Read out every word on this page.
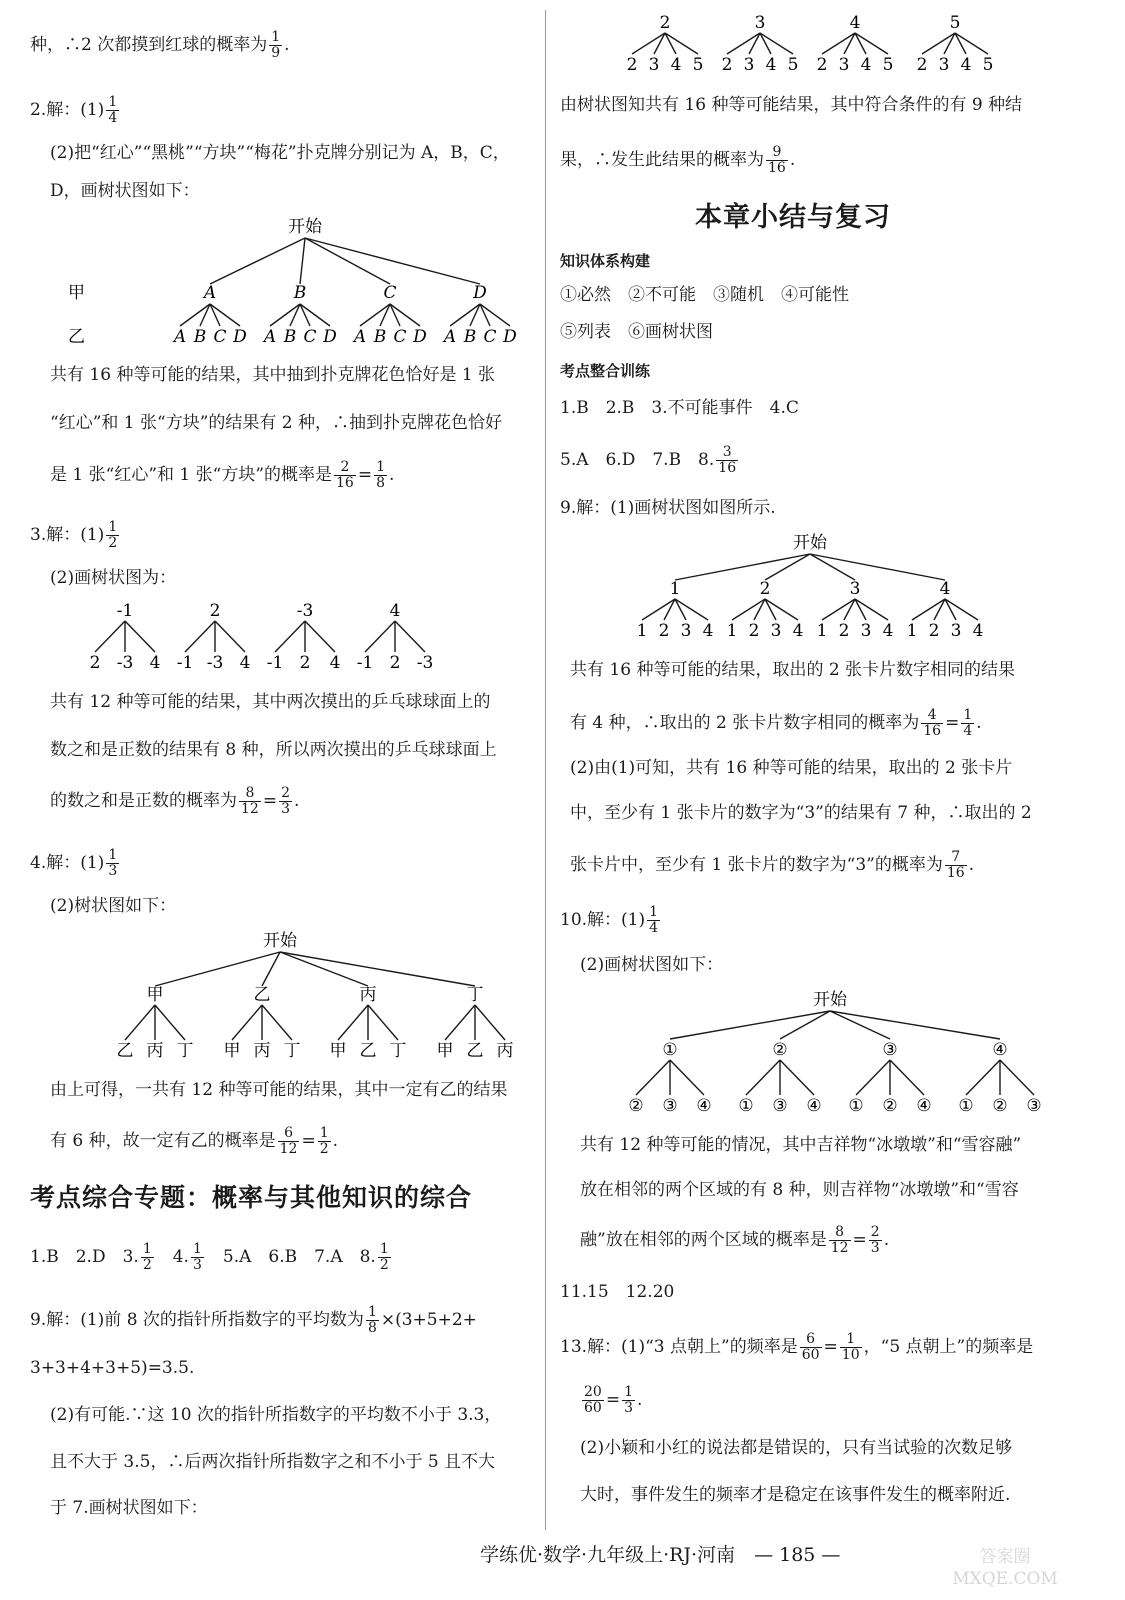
种，∴2 次都摸到红球的概率为 $\frac{1}{9}$ .
2.解：$(1) \frac{1}{4}$
(2)把“红心”“黑桃”“方块”“梅花”扑克牌分别记为 A，B，C，
D，画树状图如下：
开始
甲
乙
A	B	C	D
A B C D A B C D A B C D A B C D
共有 16 种等可能的结果，其中抽到扑克牌花色恰好是 1 张
“红心”和 1 张“方块”的结果有 2 种，∴抽到扑克牌花色恰好
是 1 张“红心”和 1 张“方块”的概率是 $\frac{2}{16} = \frac{1}{8}$ .
3.解：$(1) \frac{1}{2}$
(2)画树状图为：
-1
2 -3 4
2
-1 -3 4
-3
-1 2 4
4
-1 2 -3
共有 12 种等可能的结果，其中两次摸出的乒乓球球面上的
数之和是正数的结果有 8 种，所以两次摸出的乒乓球球面上
的数之和是正数的概率为 $\frac{8}{12} = \frac{2}{3}$ .
4.解：$(1) \frac{1}{3}$
(2)树状图如下：
开始
甲
乙 丙 丁
乙
甲 丙 丁
丙
甲 乙 丁
丁
甲 乙 丙
由上可得，一共有 12 种等可能的结果，其中一定有乙的结果
有 6 种，故一定有乙的概率是 $\frac{6}{12} = \frac{1}{2}$ .
考点综合专题：概率与其他知识的综合
1.B　 2.D　 3. $\frac{1}{2}$
　 4. $\frac{1}{3}$
　 5.A　 6.B　 7.A　 8. $\frac{1}{2}$
9.解：(1)前 8 次的指针所指数字的平均数为 $\frac{1}{8} \times(3+5+2+$
3+3+4+3+5)=3.5.
(2)有可能.∵这 10 次的指针所指数字的平均数不小于 3.3，
且不大于 3.5，∴后两次指针所指数字之和不小于 5 且不大
于 7.画树状图如下：
2
2 3 4 5
3
2 3 4 5
4
2 3 4 5
5
2 3 4 5
由树状图知共有 16 种等可能结果，其中符合条件的有 9 种结
果，∴发生此结果的概率为 $\frac{9}{16}$ .
本章小结与复习
知识体系构建
①必然　②不可能　③随机　④可能性
⑤列表　⑥画树状图
考点整合训练
1.B　2.B　3.不可能事件　4.C
5.A　6.D　7.B　8. $\frac{3}{16}$
9.解：(1)画树状图如图所示.
开始
1
1 2 3 4
2
1 2 3 4
3
1 2 3 4
4
1 2 3 4
共有 16 种等可能的结果，取出的 2 张卡片数字相同的结果
有 4 种，∴取出的 2 张卡片数字相同的概率为 $\frac{4}{16} = \frac{1}{4}$ .
(2)由(1)可知，共有 16 种等可能的结果，取出的 2 张卡片
中，至少有 1 张卡片的数字为“3”的结果有 7 种，∴取出的 2
张卡片中，至少有 1 张卡片的数字为“3”的概率为 $\frac{7}{16}$ .
10.解：$(1) \frac{1}{4}$
(2)画树状图如下：
开始
①
② ③ ④
②
① ③ ④
③
① ② ④
④
① ② ③
共有 12 种等可能的情况，其中吉祥物“冰墩墩”和“雪容融”
放在相邻的两个区域的有 8 种，则吉祥物“冰墩墩”和“雪容
融”放在相邻的两个区域的概率是 $\frac{8}{12} = \frac{2}{3}$ .
11.15　12.20
13.解：(1)“3 点朝上”的频率是 $\frac{6}{60} = \frac{1}{10}$ ，“5 点朝上”的频率是
$\frac{20}{60} = \frac{1}{3}$ .
(2)小颖和小红的说法都是错误的，只有当试验的次数足够
大时，事件发生的频率才是稳定在该事件发生的概率附近.
学练优·数学·九年级上·RJ·河南　— 185 —	答案圈
MXQE.COM
